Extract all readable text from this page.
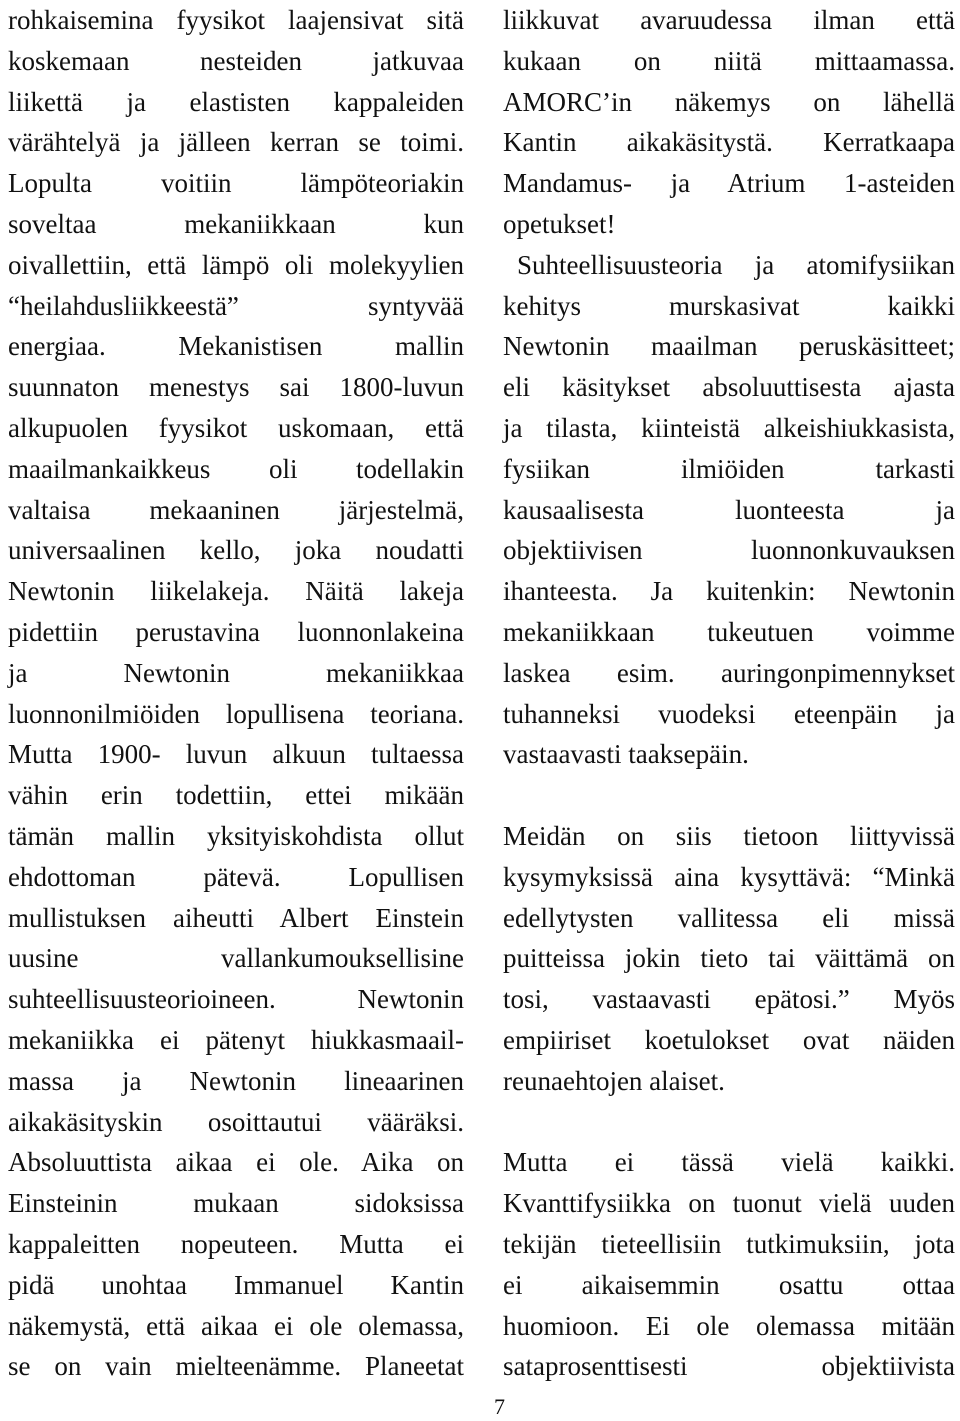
rohkaisemina fyysikot laajensivat sitä
koskemaan nesteiden jatkuvaa
liikettä ja elastisten kappaleiden
värähtelyä ja jälleen kerran se toimi.
Lopulta voitiin lämpöteoriakin
soveltaa mekaniikkaan kun
oivallettiin, että lämpö oli molekyylien
“heilahdusliikkeestä” syntyvää
energiaa. Mekanistisen mallin
suunnaton menestys sai 1800-luvun
alkupuolen fyysikot uskomaan, että
maailmankaikkeus oli todellakin
valtaisa mekaaninen järjestelmä,
universaalinen kello, joka noudatti
Newtonin liikelakeja. Näitä lakeja
pidettiin perustavina luonnonlakeina
ja Newtonin mekaniikkaa
luonnonilmiöiden lopullisena teoriana.
Mutta 1900- luvun alkuun tultaessa
vähin erin todettiin, ettei mikään
tämän mallin yksityiskohdista ollut
ehdottoman pätevä. Lopullisen
mullistuksen aiheutti Albert Einstein
uusine vallankumouksellisine
suhteellisuusteorioineen. Newtonin
mekaniikka ei pätenyt hiukkasmaail-
massa ja Newtonin lineaarinen
aikakäsityskin osoittautui vääräksi.
Absoluuttista aikaa ei ole. Aika on
Einsteinin mukaan sidoksissa
kappaleitten nopeuteen. Mutta ei
pidä unohtaa Immanuel Kantin
näkemystä, että aikaa ei ole olemassa,
se on vain mielteenämme. Planeetat
liikkuvat avaruudessa ilman että
kukaan on niitä mittaamassa.
AMORC’in näkemys on lähellä
Kantin aikakäsitystä. Kerratkaapa
Mandamus- ja Atrium 1-asteiden
opetukset!
Suhteellisuusteoria ja atomifysiikan
kehitys murskasivat kaikki
Newtonin maailman peruskäsitteet;
eli käsitykset absoluuttisesta ajasta
ja tilasta, kiinteistä alkeishiukkasista,
fysiikan ilmiöiden tarkasti
kausaalisesta luonteesta ja
objektiivisen luonnonkuvauksen
ihanteesta. Ja kuitenkin: Newtonin
mekaniikkaan tukeutuen voimme
laskea esim. auringonpimennykset
tuhanneksi vuodeksi eteenpäin ja
vastaavasti taaksepäin.
Meidän on siis tietoon liittyvissä
kysymyksissä aina kysyttävä: “Minkä
edellytysten vallitessa eli missä
puitteissa jokin tieto tai väittämä on
tosi, vastaavasti epätosi.” Myös
empiiriset koetulokset ovat näiden
reunaehtojen alaiset.
Mutta ei tässä vielä kaikki.
Kvanttifysiikka on tuonut vielä uuden
tekijän tieteellisiin tutkimuksiin, jota
ei aikaisemmin osattu ottaa
huomioon. Ei ole olemassa mitään
sataprosenttisesti objektiivista
7
